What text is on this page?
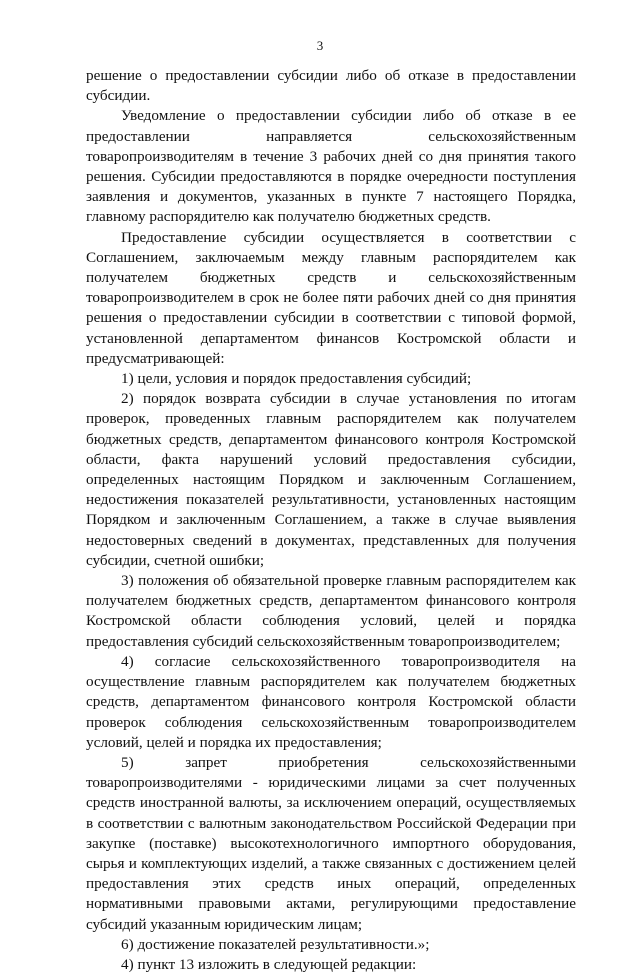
3

решение о предоставлении субсидии либо об отказе в предоставлении субсидии.

Уведомление о предоставлении субсидии либо об отказе в ее предоставлении направляется сельскохозяйственным товаропроизводителям в течение 3 рабочих дней со дня принятия такого решения. Субсидии предоставляются в порядке очередности поступления заявления и документов, указанных в пункте 7 настоящего Порядка, главному распорядителю как получателю бюджетных средств.

Предоставление субсидии осуществляется в соответствии с Соглашением, заключаемым между главным распорядителем как получателем бюджетных средств и сельскохозяйственным товаропроизводителем в срок не более пяти рабочих дней со дня принятия решения о предоставлении субсидии в соответствии с типовой формой, установленной департаментом финансов Костромской области и предусматривающей:

1) цели, условия и порядок предоставления субсидий;

2) порядок возврата субсидии в случае установления по итогам проверок, проведенных главным распорядителем как получателем бюджетных средств, департаментом финансового контроля Костромской области, факта нарушений условий предоставления субсидии, определенных настоящим Порядком и заключенным Соглашением, недостижения показателей результативности, установленных настоящим Порядком и заключенным Соглашением, а также в случае выявления недостоверных сведений в документах, представленных для получения субсидии, счетной ошибки;

3) положения об обязательной проверке главным распорядителем как получателем бюджетных средств, департаментом финансового контроля Костромской области соблюдения условий, целей и порядка предоставления субсидий сельскохозяйственным товаропроизводителем;

4) согласие сельскохозяйственного товаропроизводителя на осуществление главным распорядителем как получателем бюджетных средств, департаментом финансового контроля Костромской области проверок соблюдения сельскохозяйственным товаропроизводителем условий, целей и порядка их предоставления;

5) запрет приобретения сельскохозяйственными товаропроизводителями - юридическими лицами за счет полученных средств иностранной валюты, за исключением операций, осуществляемых в соответствии с валютным законодательством Российской Федерации при закупке (поставке) высокотехнологичного импортного оборудования, сырья и комплектующих изделий, а также связанных с достижением целей предоставления этих средств иных операций, определенных нормативными правовыми актами, регулирующими предоставление субсидий указанным юридическим лицам;

6) достижение показателей результативности.»;

4) пункт 13 изложить в следующей редакции:
